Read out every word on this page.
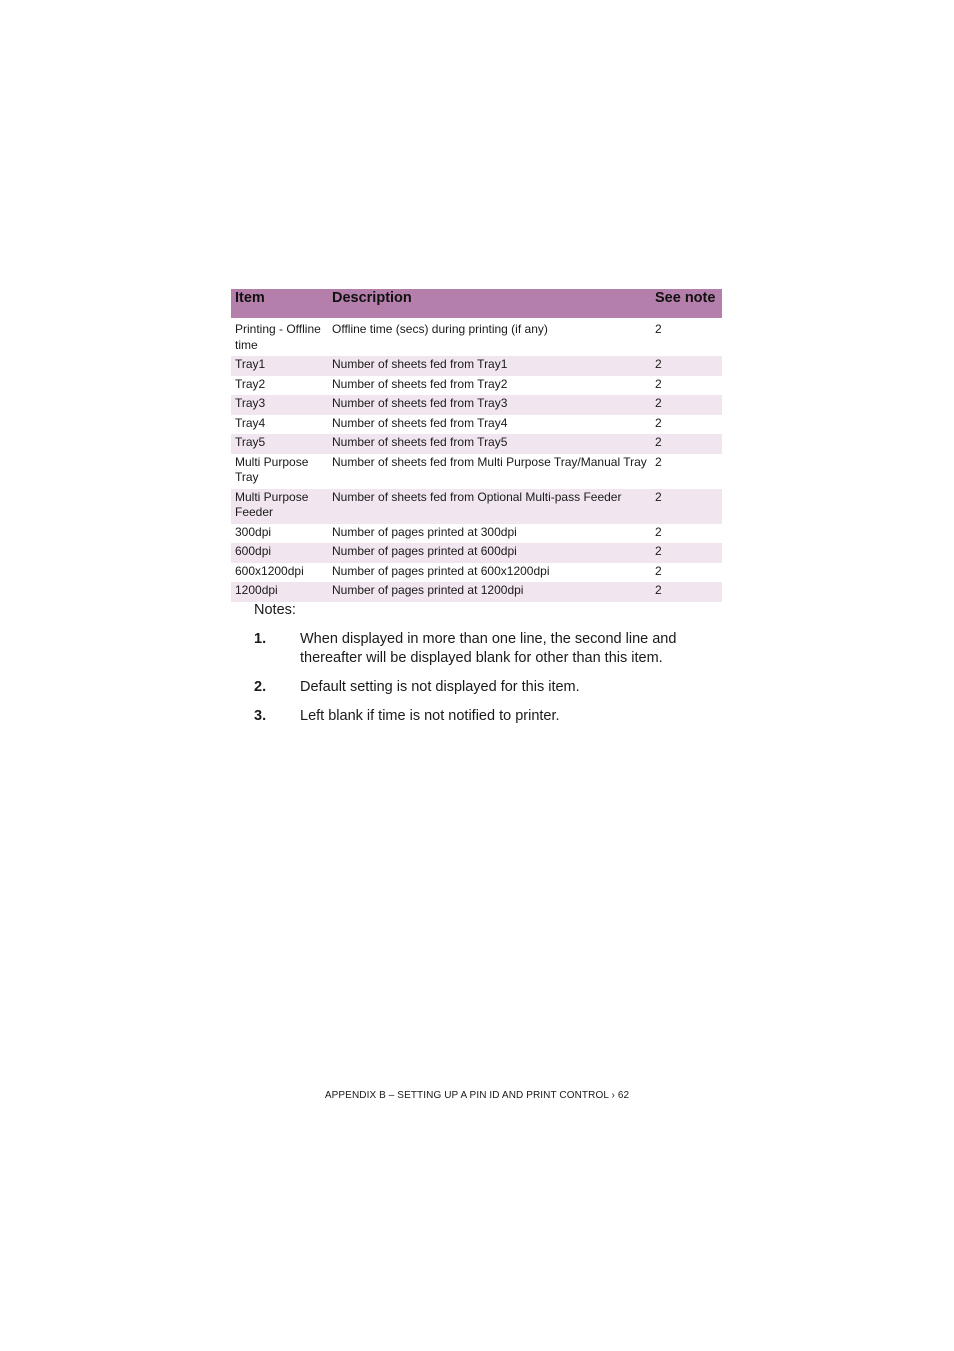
Item	Description	See note
Printing - Offline time	Offline time (secs) during printing (if any)	2
Tray1	Number of sheets fed from Tray1	2
Tray2	Number of sheets fed from Tray2	2
Tray3	Number of sheets fed from Tray3	2
Tray4	Number of sheets fed from Tray4	2
Tray5	Number of sheets fed from Tray5	2
Multi Purpose Tray	Number of sheets fed from Multi Purpose Tray/Manual Tray	2
Multi Purpose Feeder	Number of sheets fed from Optional Multi-pass Feeder	2
300dpi	Number of pages printed at 300dpi	2
600dpi	Number of pages printed at 600dpi	2
600x1200dpi	Number of pages printed at 600x1200dpi	2
1200dpi	Number of pages printed at 1200dpi	2

Notes:

1.	When displayed in more than one line, the second line and thereafter will be displayed blank for other than this item.
2.	Default setting is not displayed for this item.
3.	Left blank if time is not notified to printer.
APPENDIX B – SETTING UP A PIN ID AND PRINT CONTROL › 62
